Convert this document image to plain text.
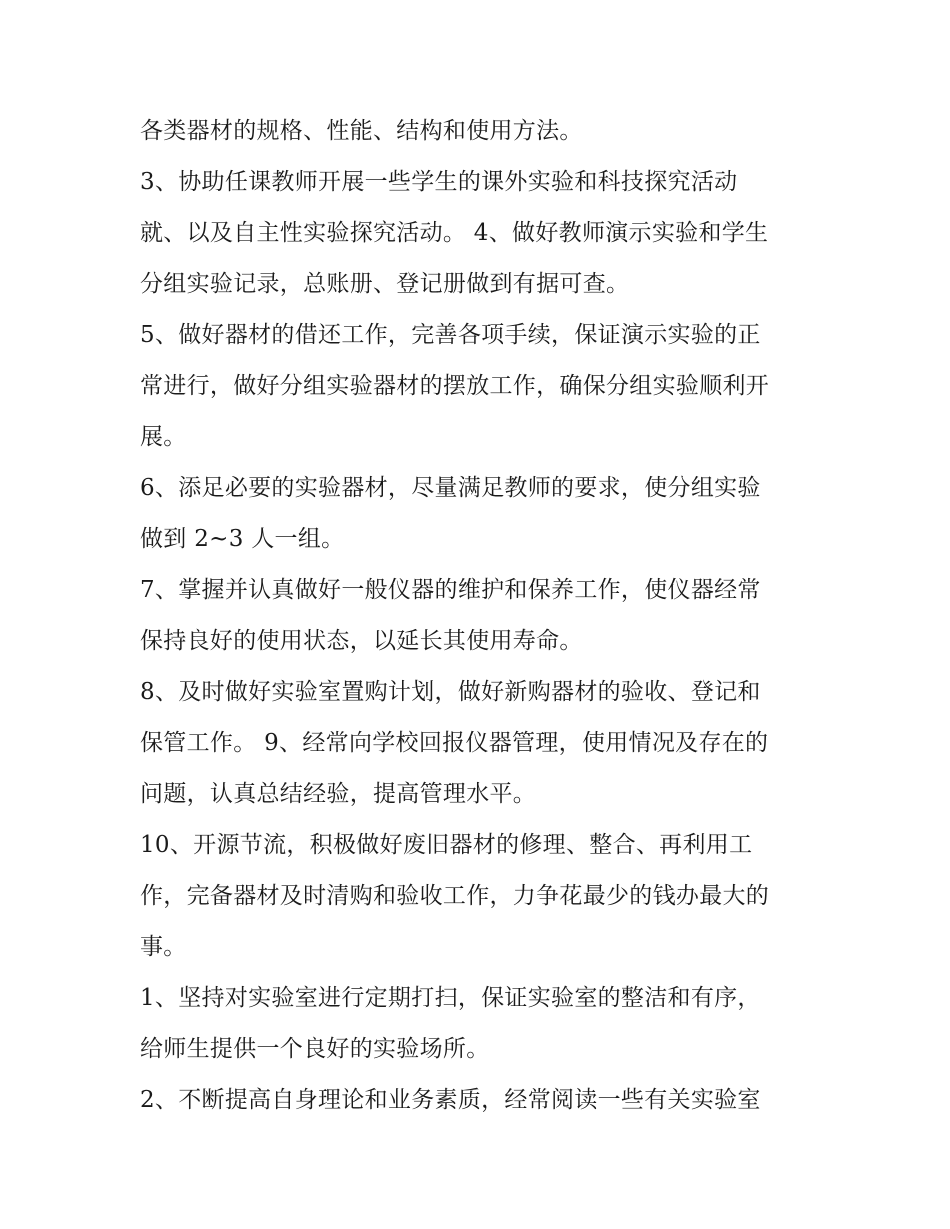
各类器材的规格、性能、结构和使用方法。
3、协助任课教师开展一些学生的课外实验和科技探究活动
就、以及自主性实验探究活动。 4、做好教师演示实验和学生
分组实验记录，总账册、登记册做到有据可查。
5、做好器材的借还工作，完善各项手续，保证演示实验的正
常进行，做好分组实验器材的摆放工作，确保分组实验顺利开
展。
6、添足必要的实验器材，尽量满足教师的要求，使分组实验
做到 2~3 人一组。
7、掌握并认真做好一般仪器的维护和保养工作，使仪器经常
保持良好的使用状态，以延长其使用寿命。
8、及时做好实验室置购计划，做好新购器材的验收、登记和
保管工作。 9、经常向学校回报仪器管理，使用情况及存在的
问题，认真总结经验，提高管理水平。
10、开源节流，积极做好废旧器材的修理、整合、再利用工
作，完备器材及时清购和验收工作，力争花最少的钱办最大的
事。
1、坚持对实验室进行定期打扫，保证实验室的整洁和有序，
给师生提供一个良好的实验场所。
2、不断提高自身理论和业务素质，经常阅读一些有关实验室
